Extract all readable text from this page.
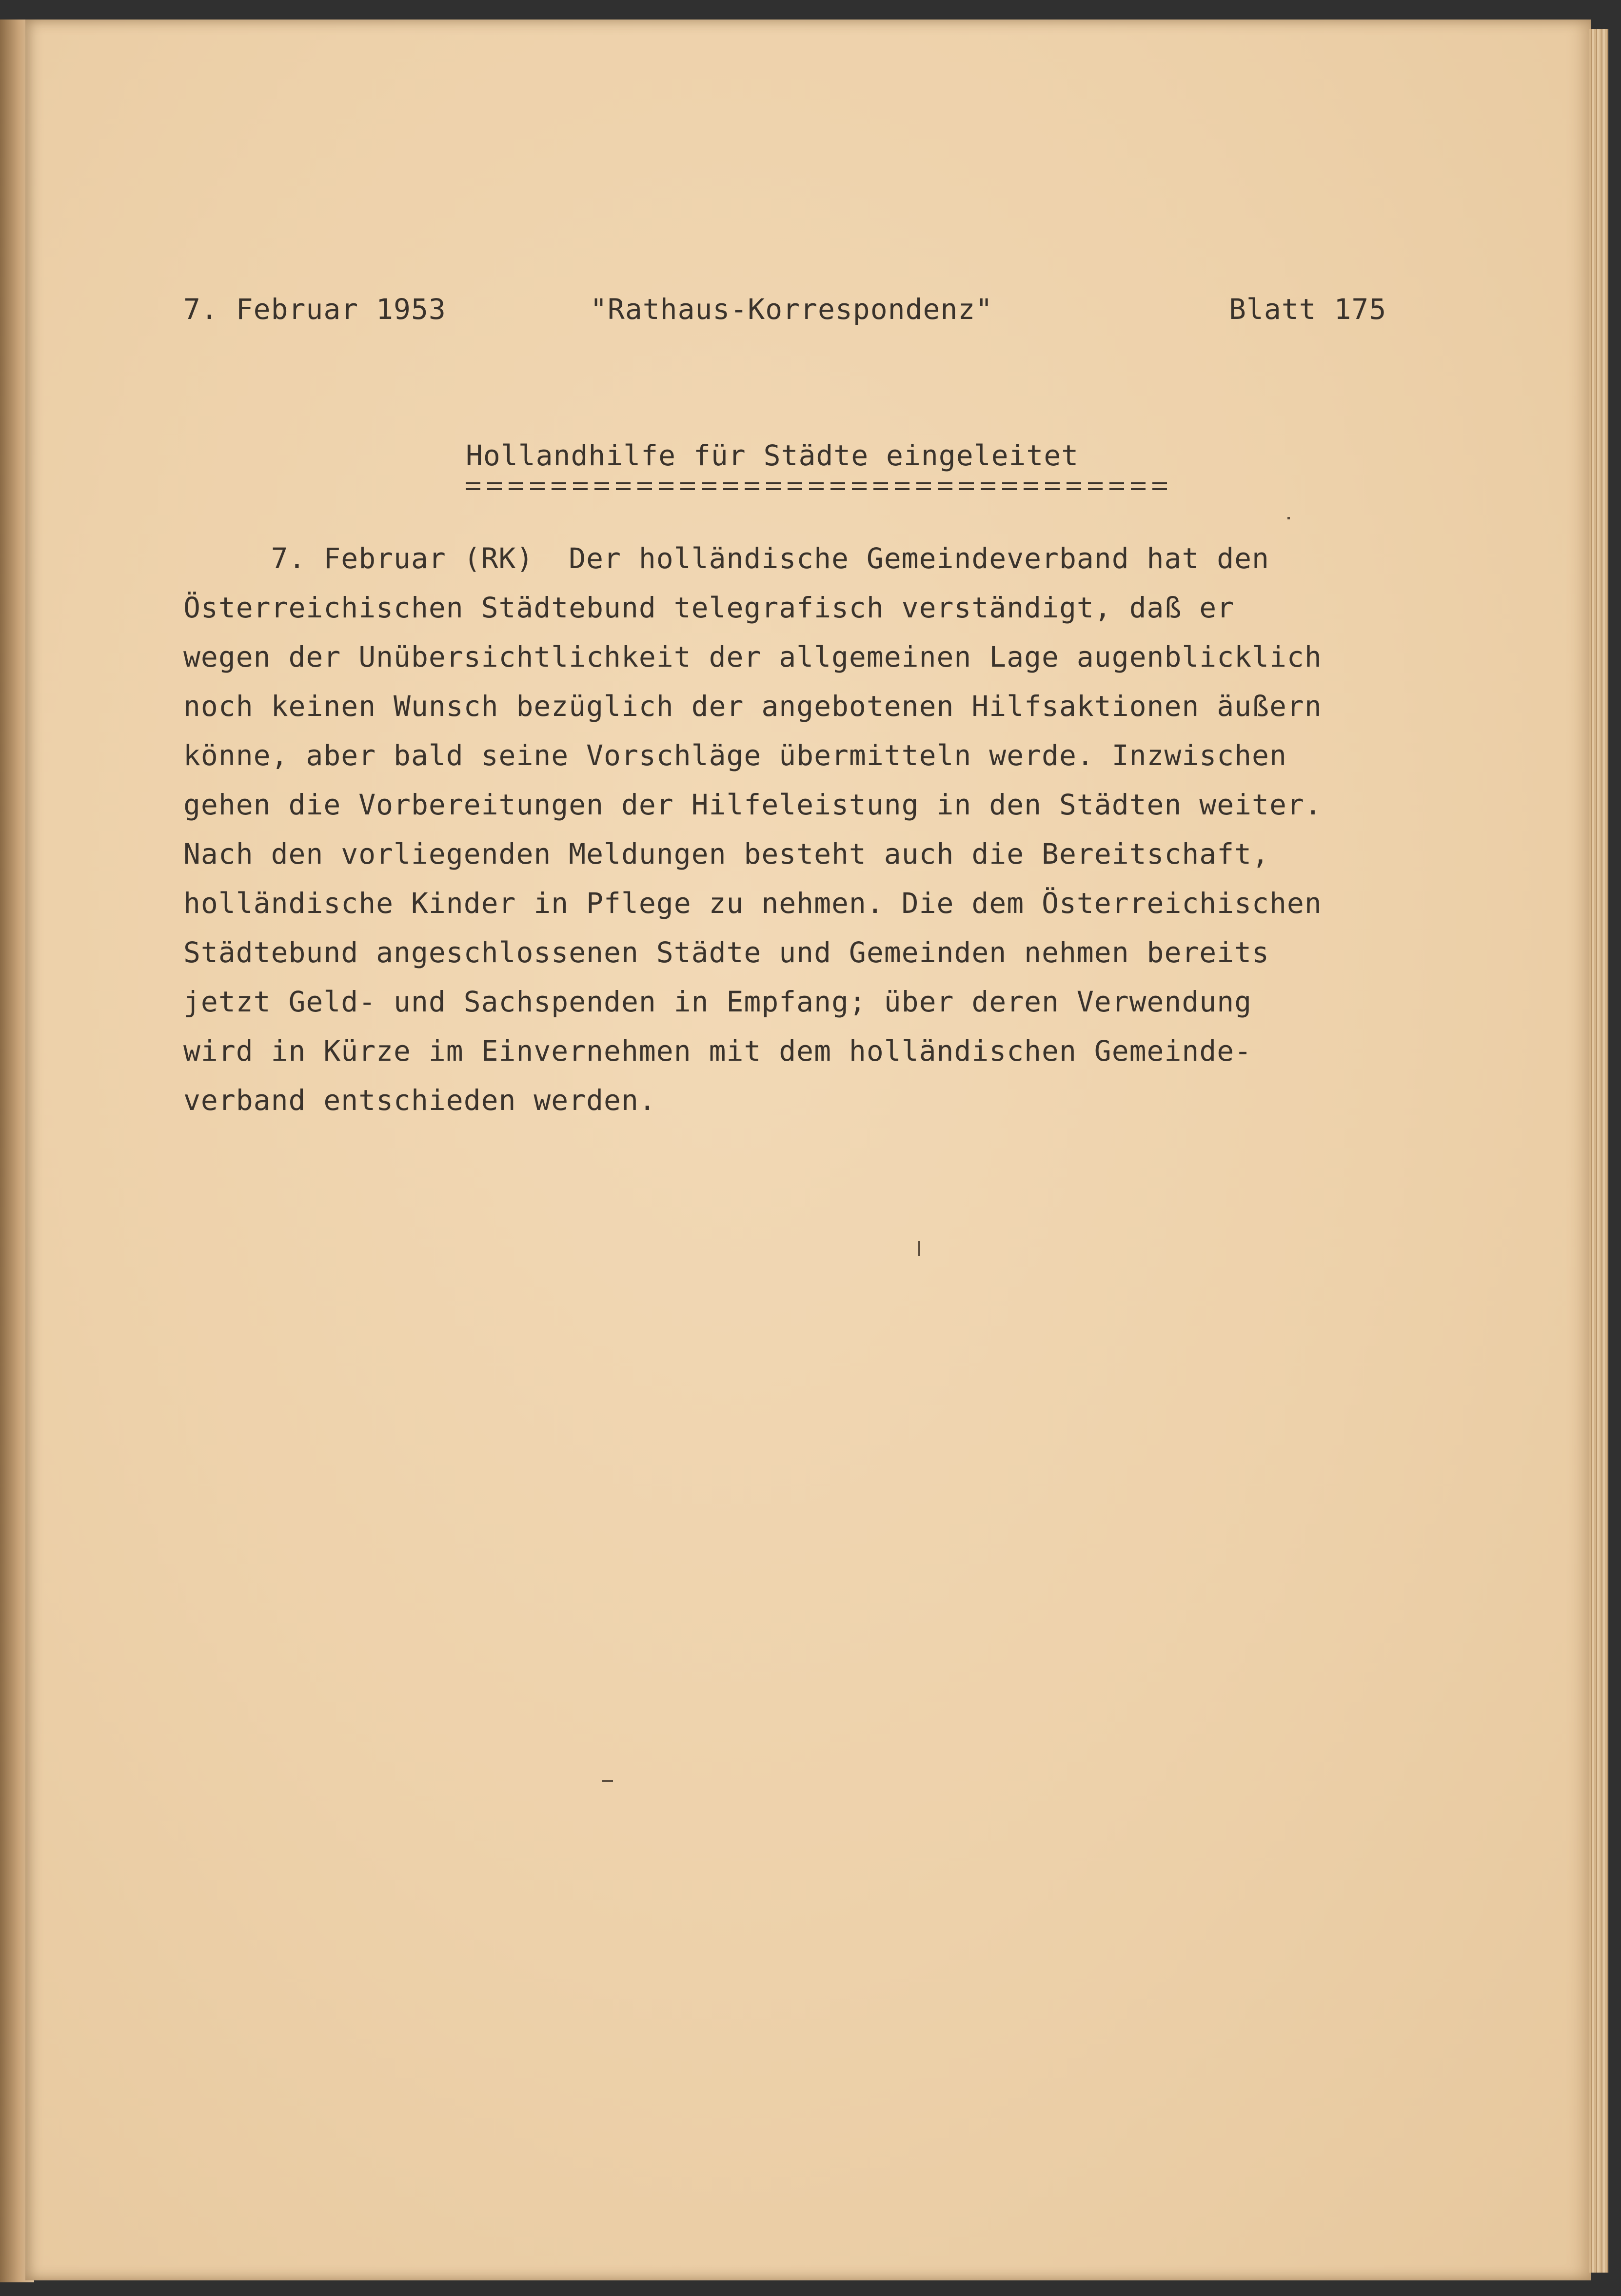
7. Februar 1953	"Rathaus-Korrespondenz"	Blatt 175
Hollandhilfe für Städte eingeleitet
7. Februar (RK)  Der holländische Gemeindeverband hat den
Österreichischen Städtebund telegrafisch verständigt, daß er
wegen der Unübersichtlichkeit der allgemeinen Lage augenblicklich
noch keinen Wunsch bezüglich der angebotenen Hilfsaktionen äußern
könne, aber bald seine Vorschläge übermitteln werde. Inzwischen
gehen die Vorbereitungen der Hilfeleistung in den Städten weiter.
Nach den vorliegenden Meldungen besteht auch die Bereitschaft,
holländische Kinder in Pflege zu nehmen. Die dem Österreichischen
Städtebund angeschlossenen Städte und Gemeinden nehmen bereits
jetzt Geld- und Sachspenden in Empfang; über deren Verwendung
wird in Kürze im Einvernehmen mit dem holländischen Gemeinde-
verband entschieden werden.
